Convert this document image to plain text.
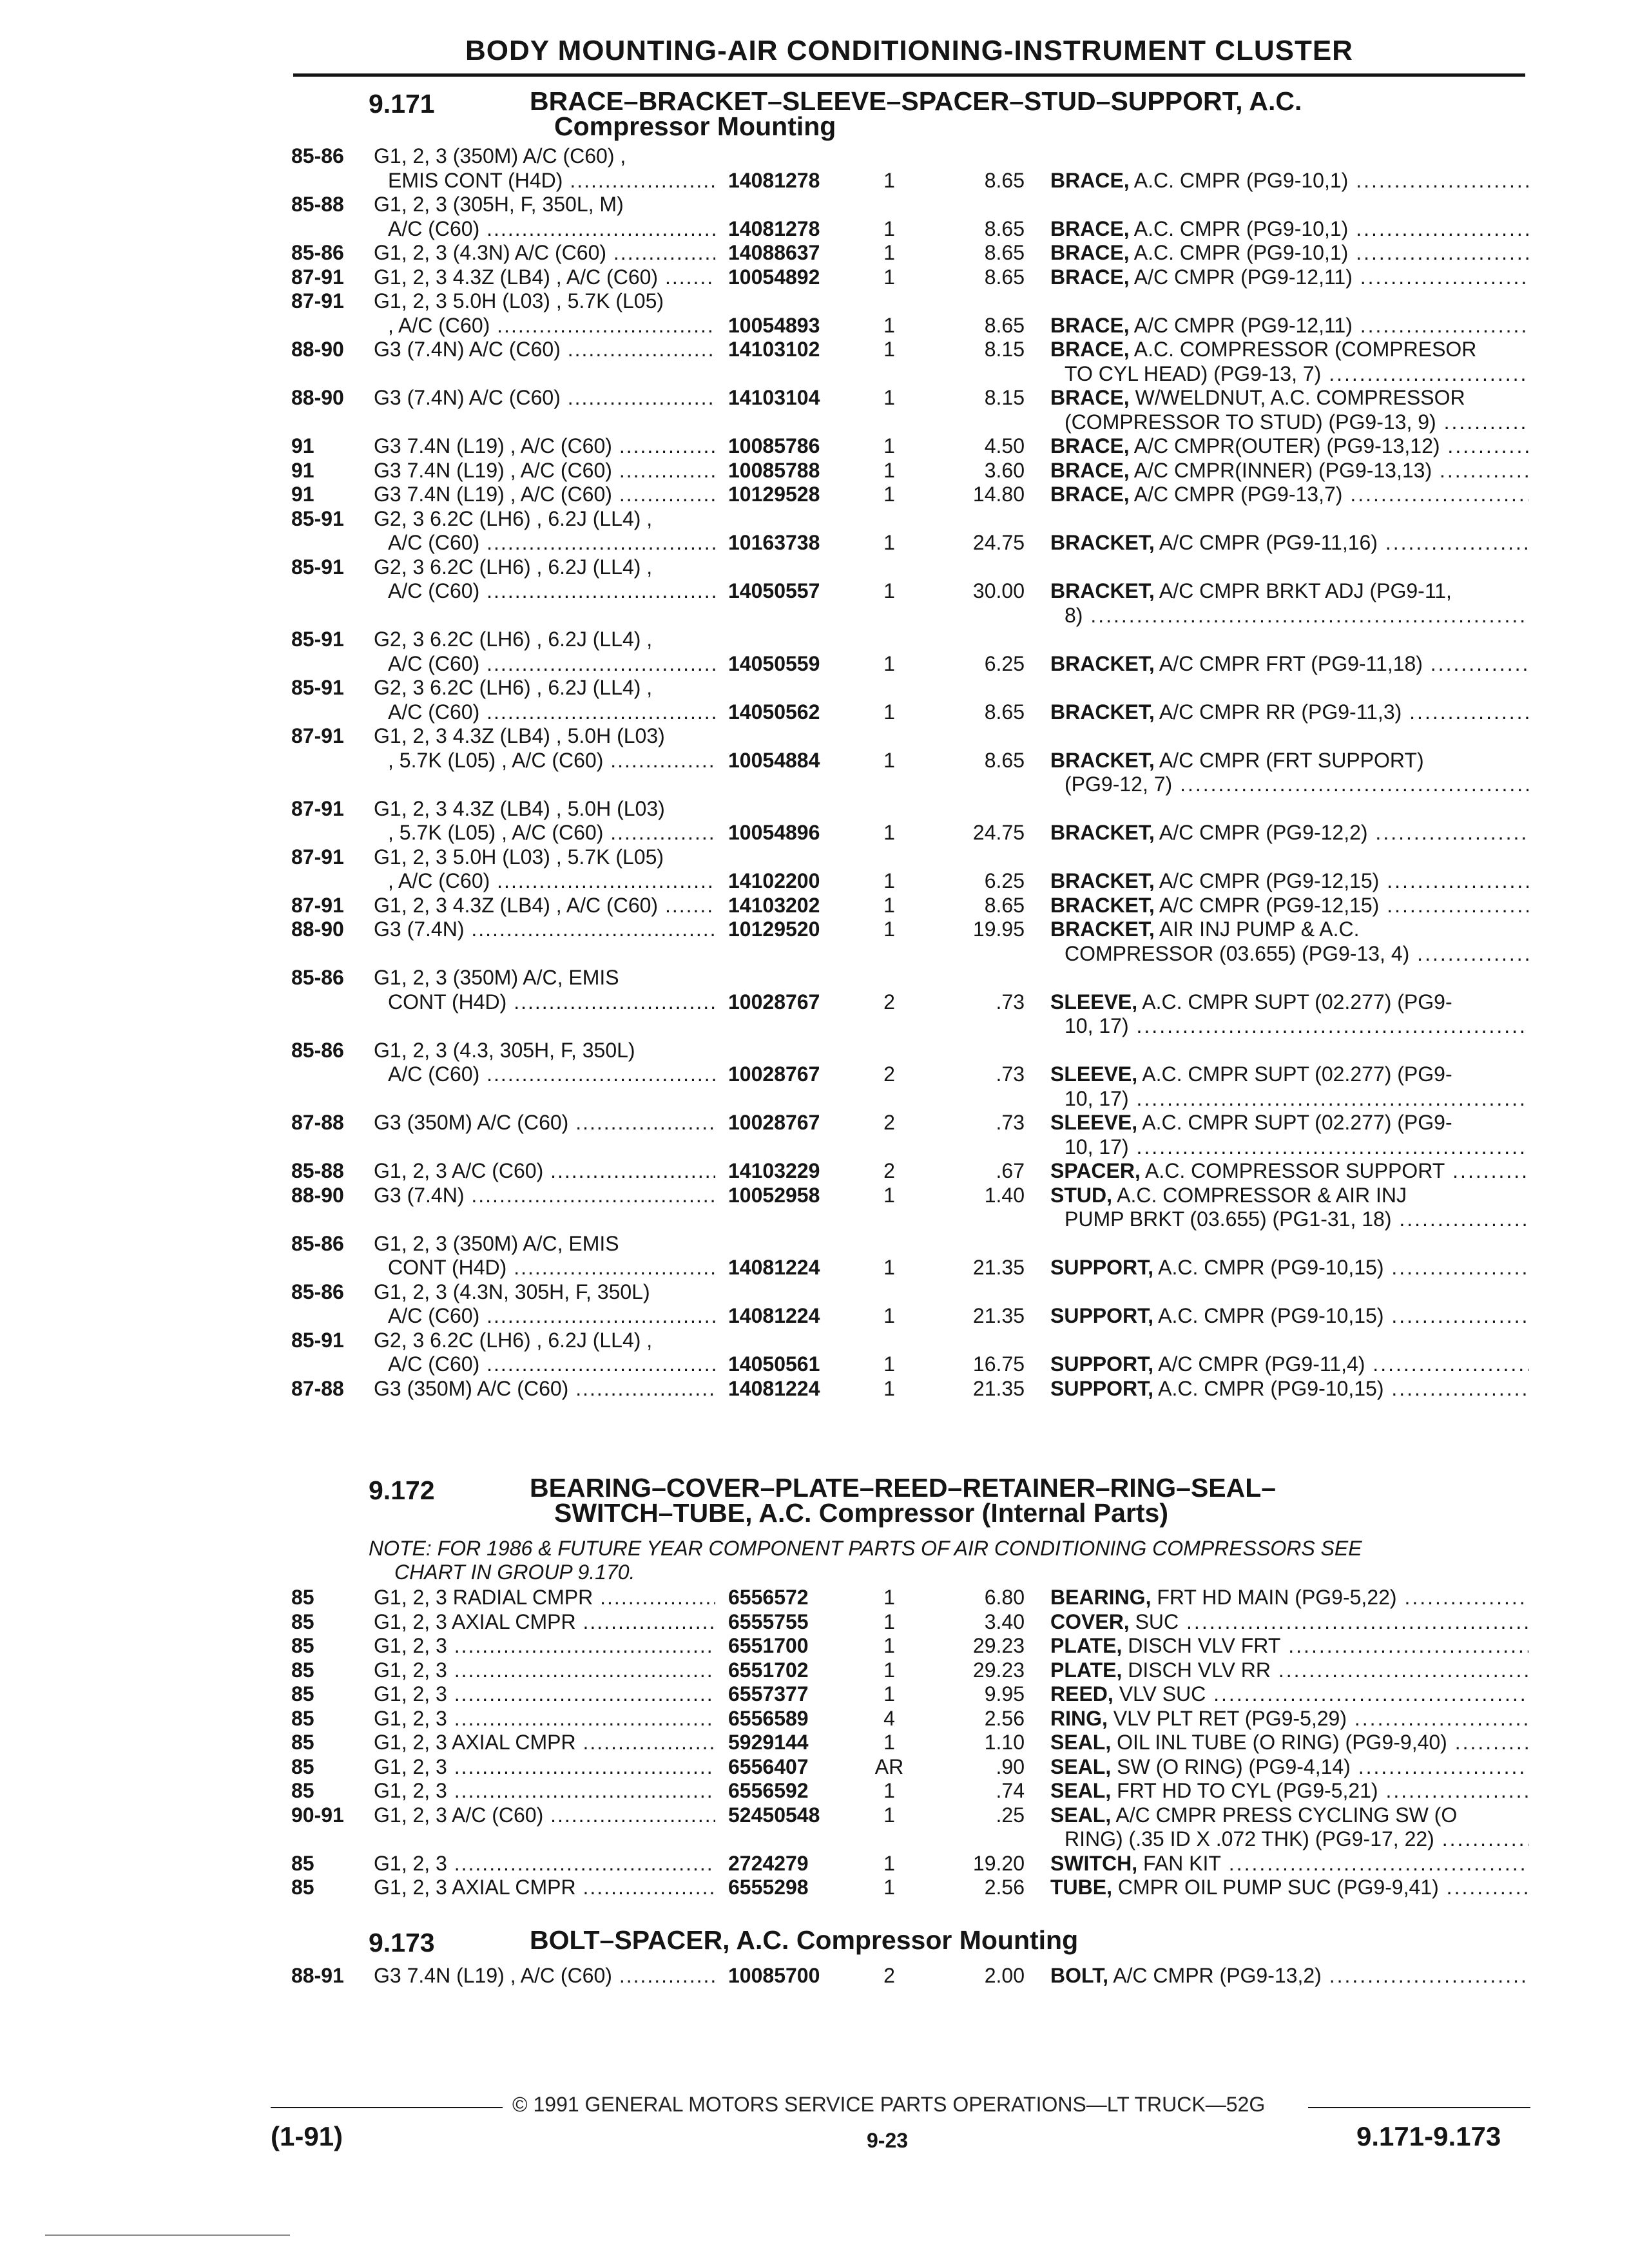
BODY MOUNTING-AIR CONDITIONING-INSTRUMENT CLUSTER
9.171	BRACE–BRACKET–SLEEVE–SPACER–STUD–SUPPORT, A.C.
Compressor Mounting
85-86 G1, 2, 3 (350M) A/C (C60) ,
EMIS CONT (H4D) .....	14081278	1	8.65 BRACE, A.C. CMPR (PG9-10,1) .....
85-88 G1, 2, 3 (305H, F, 350L, M)
A/C (C60) .....	14081278	1	8.65 BRACE, A.C. CMPR (PG9-10,1) .....
85-86 G1, 2, 3 (4.3N) A/C (C60) .....	14088637	1	8.65 BRACE, A.C. CMPR (PG9-10,1) .....
87-91 G1, 2, 3 4.3Z (LB4) , A/C (C60) .....	10054892	1	8.65 BRACE, A/C CMPR (PG9-12,11) .....
87-91 G1, 2, 3 5.0H (L03) , 5.7K (L05)
, A/C (C60) .....	10054893	1	8.65 BRACE, A/C CMPR (PG9-12,11) .....
88-90 G3 (7.4N) A/C (C60) .....	14103102	1	8.15 BRACE, A.C. COMPRESSOR (COMPRESOR
TO CYL HEAD) (PG9-13, 7) .....
88-90 G3 (7.4N) A/C (C60) .....	14103104	1	8.15 BRACE, W/WELDNUT, A.C. COMPRESSOR
(COMPRESSOR TO STUD) (PG9-13, 9) .....
91	G3 7.4N (L19) , A/C (C60) .....	10085786	1	4.50 BRACE, A/C CMPR(OUTER) (PG9-13,12) .....
91	G3 7.4N (L19) , A/C (C60) .....	10085788	1	3.60 BRACE, A/C CMPR(INNER) (PG9-13,13) .....
91	G3 7.4N (L19) , A/C (C60) .....	10129528	1	14.80 BRACE, A/C CMPR (PG9-13,7) .....
85-91 G2, 3 6.2C (LH6) , 6.2J (LL4) ,
A/C (C60) .....	10163738	1	24.75 BRACKET, A/C CMPR (PG9-11,16) .....
85-91 G2, 3 6.2C (LH6) , 6.2J (LL4) ,
A/C (C60) .....	14050557	1	30.00 BRACKET, A/C CMPR BRKT ADJ (PG9-11,
8) .....
85-91 G2, 3 6.2C (LH6) , 6.2J (LL4) ,
A/C (C60) .....	14050559	1	6.25 BRACKET, A/C CMPR FRT (PG9-11,18) .....
85-91 G2, 3 6.2C (LH6) , 6.2J (LL4) ,
A/C (C60) .....	14050562	1	8.65 BRACKET, A/C CMPR RR (PG9-11,3) .....
87-91 G1, 2, 3 4.3Z (LB4) , 5.0H (L03)
, 5.7K (L05) , A/C (C60) .....	10054884	1	8.65 BRACKET, A/C CMPR (FRT SUPPORT)
(PG9-12, 7) .....
87-91 G1, 2, 3 4.3Z (LB4) , 5.0H (L03)
, 5.7K (L05) , A/C (C60) .....	10054896	1	24.75 BRACKET, A/C CMPR (PG9-12,2) .....
87-91 G1, 2, 3 5.0H (L03) , 5.7K (L05)
, A/C (C60) .....	14102200	1	6.25 BRACKET, A/C CMPR (PG9-12,15) .....
87-91 G1, 2, 3 4.3Z (LB4) , A/C (C60) .....	14103202	1	8.65 BRACKET, A/C CMPR (PG9-12,15) .....
88-90 G3 (7.4N) .....	10129520	1	19.95 BRACKET, AIR INJ PUMP & A.C.
COMPRESSOR (03.655) (PG9-13, 4) .....
85-86 G1, 2, 3 (350M) A/C, EMIS
CONT (H4D) .....	10028767	2	.73 SLEEVE, A.C. CMPR SUPT (02.277) (PG9-
10, 17) .....
85-86 G1, 2, 3 (4.3, 305H, F, 350L)
A/C (C60) .....	10028767	2	.73 SLEEVE, A.C. CMPR SUPT (02.277) (PG9-
10, 17) .....
87-88 G3 (350M) A/C (C60) .....	10028767	2	.73 SLEEVE, A.C. CMPR SUPT (02.277) (PG9-
10, 17) .....
85-88 G1, 2, 3 A/C (C60) .....	14103229	2	.67 SPACER, A.C. COMPRESSOR SUPPORT .....
88-90 G3 (7.4N) .....	10052958	1	1.40 STUD, A.C. COMPRESSOR & AIR INJ
PUMP BRKT (03.655) (PG1-31, 18) .....
85-86 G1, 2, 3 (350M) A/C, EMIS
CONT (H4D) .....	14081224	1	21.35 SUPPORT, A.C. CMPR (PG9-10,15) .....
85-86 G1, 2, 3 (4.3N, 305H, F, 350L)
A/C (C60) .....	14081224	1	21.35 SUPPORT, A.C. CMPR (PG9-10,15) .....
85-91 G2, 3 6.2C (LH6) , 6.2J (LL4) ,
A/C (C60) .....	14050561	1	16.75 SUPPORT, A/C CMPR (PG9-11,4) .....
87-88 G3 (350M) A/C (C60) .....	14081224	1	21.35 SUPPORT, A.C. CMPR (PG9-10,15) .....
9.172	BEARING–COVER–PLATE–REED–RETAINER–RING–SEAL–
SWITCH–TUBE, A.C. Compressor (Internal Parts)
NOTE: FOR 1986 & FUTURE YEAR COMPONENT PARTS OF AIR CONDITIONING COMPRESSORS SEE
CHART IN GROUP 9.170.
85	G1, 2, 3 RADIAL CMPR .....	6556572	1	6.80 BEARING, FRT HD MAIN (PG9-5,22) .....
85	G1, 2, 3 AXIAL CMPR .....	6555755	1	3.40 COVER, SUC .....
85	G1, 2, 3 .....	6551700	1	29.23 PLATE, DISCH VLV FRT .....
85	G1, 2, 3 .....	6551702	1	29.23 PLATE, DISCH VLV RR .....
85	G1, 2, 3 .....	6557377	1	9.95 REED, VLV SUC .....
85	G1, 2, 3 .....	6556589	4	2.56 RING, VLV PLT RET (PG9-5,29) .....
85	G1, 2, 3 AXIAL CMPR .....	5929144	1	1.10 SEAL, OIL INL TUBE (O RING) (PG9-9,40) .....
85	G1, 2, 3 .....	6556407	AR	.90 SEAL, SW (O RING) (PG9-4,14) .....
85	G1, 2, 3 .....	6556592	1	.74 SEAL, FRT HD TO CYL (PG9-5,21) .....
90-91 G1, 2, 3 A/C (C60) .....	52450548	1	.25 SEAL, A/C CMPR PRESS CYCLING SW (O
RING) (.35 ID X .072 THK) (PG9-17, 22) .....
85	G1, 2, 3 .....	2724279	1	19.20 SWITCH, FAN KIT .....
85	G1, 2, 3 AXIAL CMPR .....	6555298	1	2.56 TUBE, CMPR OIL PUMP SUC (PG9-9,41) .....
9.173	BOLT–SPACER, A.C. Compressor Mounting
88-91 G3 7.4N (L19) , A/C (C60) .....	10085700	2	2.00 BOLT, A/C CMPR (PG9-13,2) .....
© 1991 GENERAL MOTORS SERVICE PARTS OPERATIONS—LT TRUCK—52G
(1-91)	9-23	9.171-9.173
